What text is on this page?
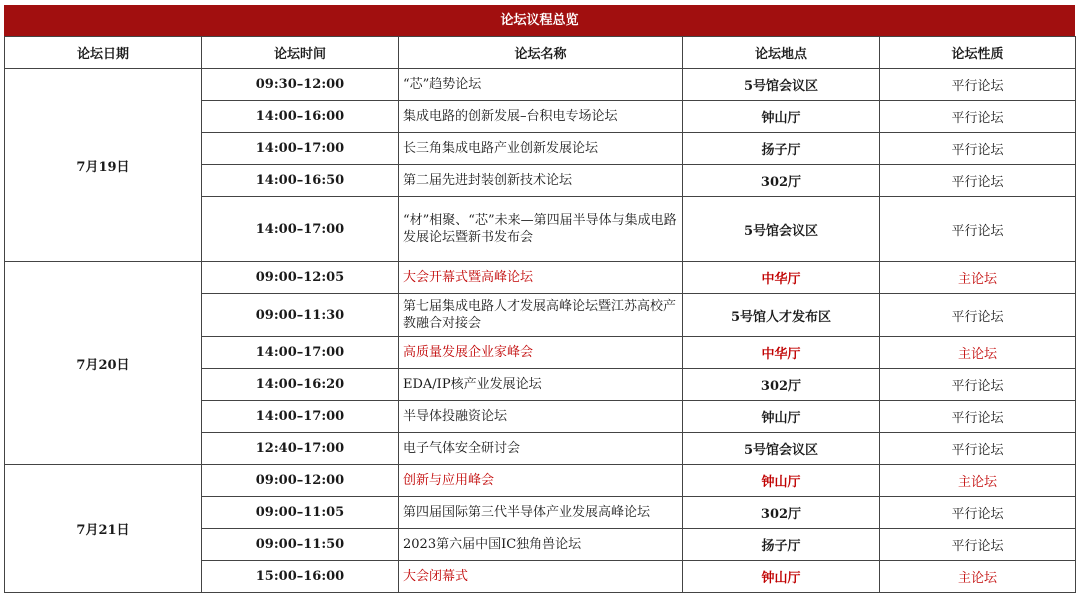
论坛议程总览
论坛日期	论坛时间	论坛名称	论坛地点	论坛性质
7月19日	09:30–12:00	“芯”趋势论坛	5号馆会议区	平行论坛
	14:00–16:00	集成电路的创新发展–台积电专场论坛	钟山厅	平行论坛
	14:00–17:00	长三角集成电路产业创新发展论坛	扬子厅	平行论坛
	14:00–16:50	第二届先进封装创新技术论坛	302厅	平行论坛
	14:00–17:00	“材”相聚、“芯”未来—第四届半导体与集成电路发展论坛暨新书发布会	5号馆会议区	平行论坛
7月20日	09:00–12:05	大会开幕式暨高峰论坛	中华厅	主论坛
	09:00–11:30	第七届集成电路人才发展高峰论坛暨江苏高校产教融合对接会	5号馆人才发布区	平行论坛
	14:00–17:00	高质量发展企业家峰会	中华厅	主论坛
	14:00–16:20	EDA/IP核产业发展论坛	302厅	平行论坛
	14:00–17:00	半导体投融资论坛	钟山厅	平行论坛
	12:40–17:00	电子气体安全研讨会	5号馆会议区	平行论坛
7月21日	09:00–12:00	创新与应用峰会	钟山厅	主论坛
	09:00–11:05	第四届国际第三代半导体产业发展高峰论坛	302厅	平行论坛
	09:00–11:50	2023第六届中国IC独角兽论坛	扬子厅	平行论坛
	15:00–16:00	大会闭幕式	钟山厅	主论坛
